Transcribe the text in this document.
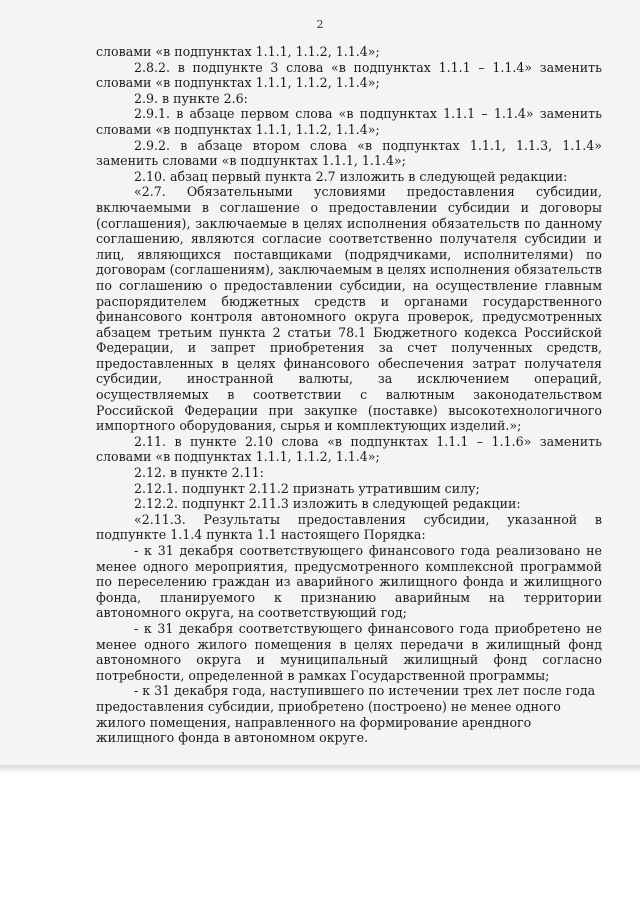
2

словами «в подпунктах 1.1.1, 1.1.2, 1.1.4»;

2.8.2. в подпункте 3 слова «в подпунктах 1.1.1 – 1.1.4» заменить словами «в подпунктах 1.1.1, 1.1.2, 1.1.4»;

2.9. в пункте 2.6:

2.9.1. в абзаце первом слова «в подпунктах 1.1.1 – 1.1.4» заменить словами «в подпунктах 1.1.1, 1.1.2, 1.1.4»;

2.9.2. в абзаце втором слова «в подпунктах 1.1.1, 1.1.3, 1.1.4» заменить словами «в подпунктах 1.1.1, 1.1.4»;

2.10. абзац первый пункта 2.7 изложить в следующей редакции:

«2.7. Обязательными условиями предоставления субсидии, включаемыми в соглашение о предоставлении субсидии и договоры (соглашения), заключаемые в целях исполнения обязательств по данному соглашению, являются согласие соответственно получателя субсидии и лиц, являющихся поставщиками (подрядчиками, исполнителями) по договорам (соглашениям), заключаемым в целях исполнения обязательств по соглашению о предоставлении субсидии, на осуществление главным распорядителем бюджетных средств и органами государственного финансового контроля автономного округа проверок, предусмотренных абзацем третьим пункта 2 статьи 78.1 Бюджетного кодекса Российской Федерации, и запрет приобретения за счет полученных средств, предоставленных в целях финансового обеспечения затрат получателя субсидии, иностранной валюты, за исключением операций, осуществляемых в соответствии с валютным законодательством Российской Федерации при закупке (поставке) высокотехнологичного импортного оборудования, сырья и комплектующих изделий.»;

2.11. в пункте 2.10 слова «в подпунктах 1.1.1 – 1.1.6» заменить словами «в подпунктах 1.1.1, 1.1.2, 1.1.4»;

2.12. в пункте 2.11:

2.12.1. подпункт 2.11.2 признать утратившим силу;

2.12.2. подпункт 2.11.3 изложить в следующей редакции:

«2.11.3. Результаты предоставления субсидии, указанной в подпункте 1.1.4 пункта 1.1 настоящего Порядка:

- к 31 декабря соответствующего финансового года реализовано не менее одного мероприятия, предусмотренного комплексной программой по переселению граждан из аварийного жилищного фонда и жилищного фонда, планируемого к признанию аварийным на территории автономного округа, на соответствующий год;

- к 31 декабря соответствующего финансового года приобретено не менее одного жилого помещения в целях передачи в жилищный фонд автономного округа и муниципальный жилищный фонд согласно потребности, определенной в рамках Государственной программы;

- к 31 декабря года, наступившего по истечении трех лет после года предоставления субсидии, приобретено (построено) не менее одного жилого помещения, направленного на формирование арендного жилищного фонда в автономном округе.
